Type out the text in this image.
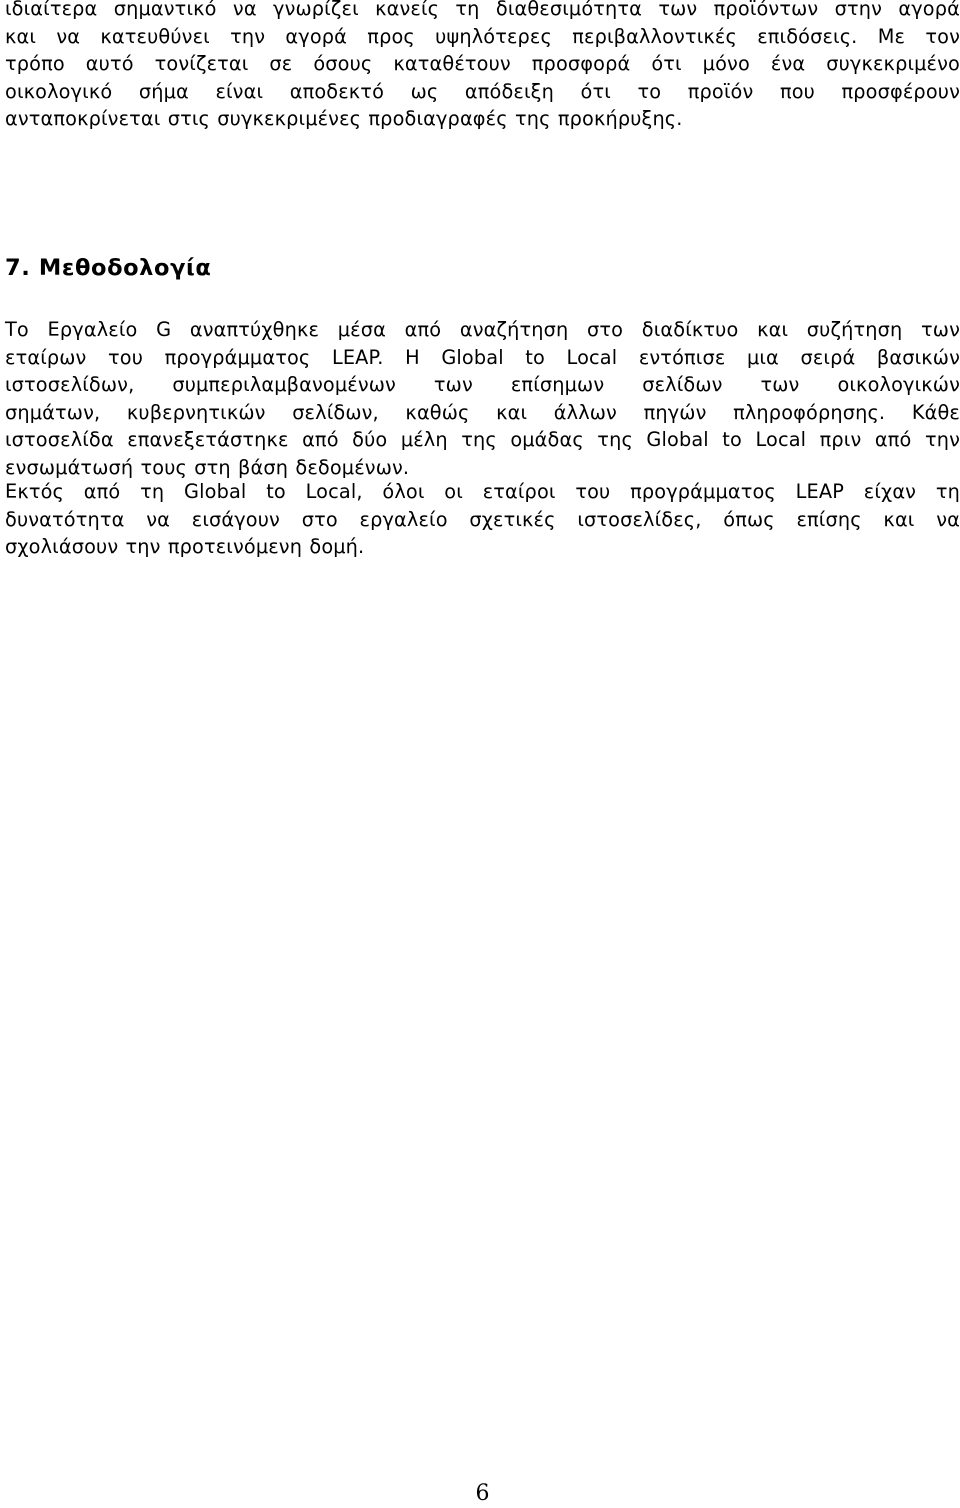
ιδιαίτερα σημαντικό να γνωρίζει κανείς τη διαθεσιμότητα των προϊόντων στην αγορά
και να κατευθύνει την αγορά προς υψηλότερες περιβαλλοντικές επιδόσεις. Με τον
τρόπο αυτό τονίζεται σε όσους καταθέτουν προσφορά ότι μόνο ένα συγκεκριμένο
οικολογικό σήμα είναι αποδεκτό ως απόδειξη ότι το προϊόν που προσφέρουν
ανταποκρίνεται στις συγκεκριμένες προδιαγραφές της προκήρυξης.

7. Μεθοδολογία

Το Εργαλείο G αναπτύχθηκε μέσα από αναζήτηση στο διαδίκτυο και συζήτηση των
εταίρων του προγράμματος LEAP. Η Global to Local εντόπισε μια σειρά βασικών
ιστοσελίδων, συμπεριλαμβανομένων των επίσημων σελίδων των οικολογικών
σημάτων, κυβερνητικών σελίδων, καθώς και άλλων πηγών πληροφόρησης. Κάθε
ιστοσελίδα επανεξετάστηκε από δύο μέλη της ομάδας της Global to Local πριν από την
ενσωμάτωσή τους στη βάση δεδομένων.

Εκτός από τη Global to Local, όλοι οι εταίροι του προγράμματος LEAP είχαν τη
δυνατότητα να εισάγουν στο εργαλείο σχετικές ιστοσελίδες, όπως επίσης και να
σχολιάσουν την προτεινόμενη δομή.

6
